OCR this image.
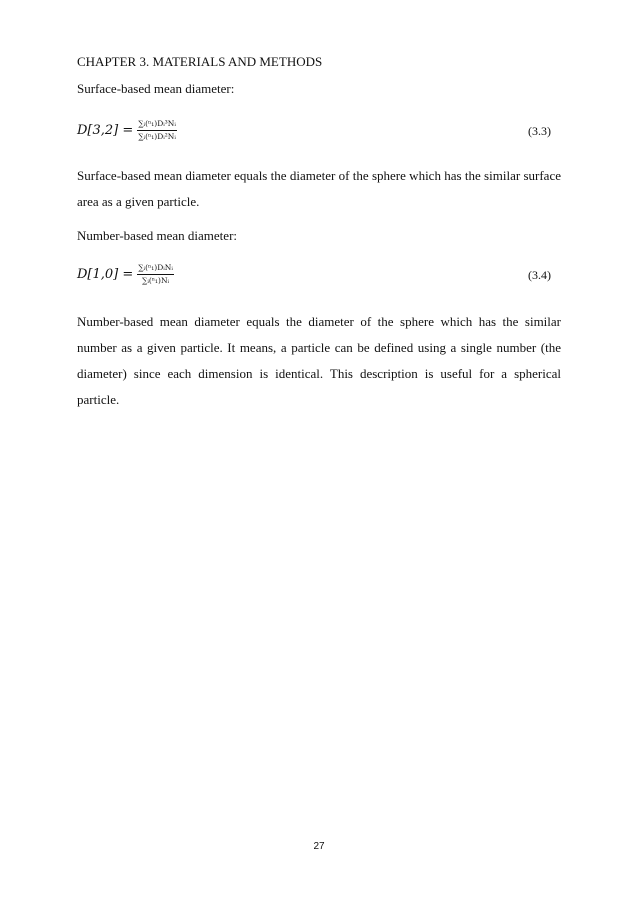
CHAPTER 3. MATERIALS AND METHODS
Surface-based mean diameter:
$D[3,2] = \frac{\text{∑ᵢ(ⁿ₁)Dᵢ³Nᵢ}}{\text{∑ᵢ(ⁿ₁)Dᵢ²Nᵢ}}$	(3.3)
Surface-based mean diameter equals the diameter of the sphere which has the similar surface area as a given particle.
Number-based mean diameter:
$D[1,0] = \frac{\text{∑ᵢ(ⁿ₁)DᵢNᵢ}}{\text{∑ᵢ(ⁿ₁)Nᵢ}}$	(3.4)
Number-based mean diameter equals the diameter of the sphere which has the similar number as a given particle. It means, a particle can be defined using a single number (the diameter) since each dimension is identical. This description is useful for a spherical particle.
27
